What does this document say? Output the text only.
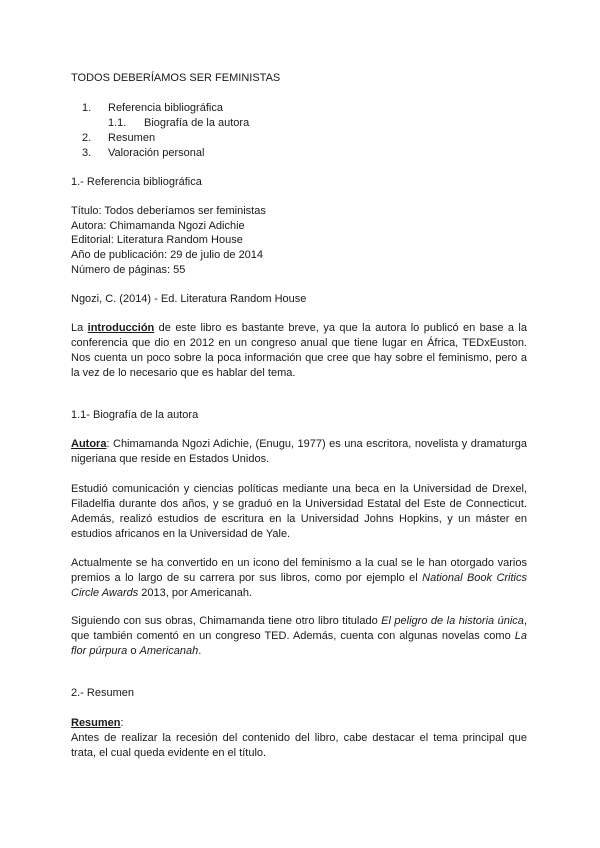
TODOS DEBERÍAMOS SER FEMINISTAS
1. Referencia bibliográfica
1.1. Biografía de la autora
2. Resumen
3. Valoración personal
1.- Referencia bibliográfica
Título: Todos deberíamos ser feministas
Autora: Chimamanda Ngozi Adichie
Editorial: Literatura Random House
Año de publicación: 29 de julio de 2014
Número de páginas: 55
Ngozi, C. (2014) - Ed. Literatura Random House

La introducción de este libro es bastante breve, ya que la autora lo publicó en base a la conferencia que dio en 2012 en un congreso anual que tiene lugar en África, TEDxEuston. Nos cuenta un poco sobre la poca información que cree que hay sobre el feminismo, pero a la vez de lo necesario que es hablar del tema.

1.1- Biografía de la autora

Autora: Chimamanda Ngozi Adichie, (Enugu, 1977) es una escritora, novelista y dramaturga nigeriana que reside en Estados Unidos.

Estudió comunicación y ciencias políticas mediante una beca en la Universidad de Drexel, Filadelfia durante dos años, y se graduó en la Universidad Estatal del Este de Connecticut. Además, realizó estudios de escritura en la Universidad Johns Hopkins, y un máster en estudios africanos en la Universidad de Yale.

Actualmente se ha convertido en un icono del feminismo a la cual se le han otorgado varios premios a lo largo de su carrera por sus libros, como por ejemplo el National Book Critics Circle Awards 2013, por Americanah.

Siguiendo con sus obras, Chimamanda tiene otro libro titulado El peligro de la historia única, que también comentó en un congreso TED. Además, cuenta con algunas novelas como La flor púrpura o Americanah.

2.- Resumen
Resumen:

Antes de realizar la recesión del contenido del libro, cabe destacar el tema principal que trata, el cual queda evidente en el título.
